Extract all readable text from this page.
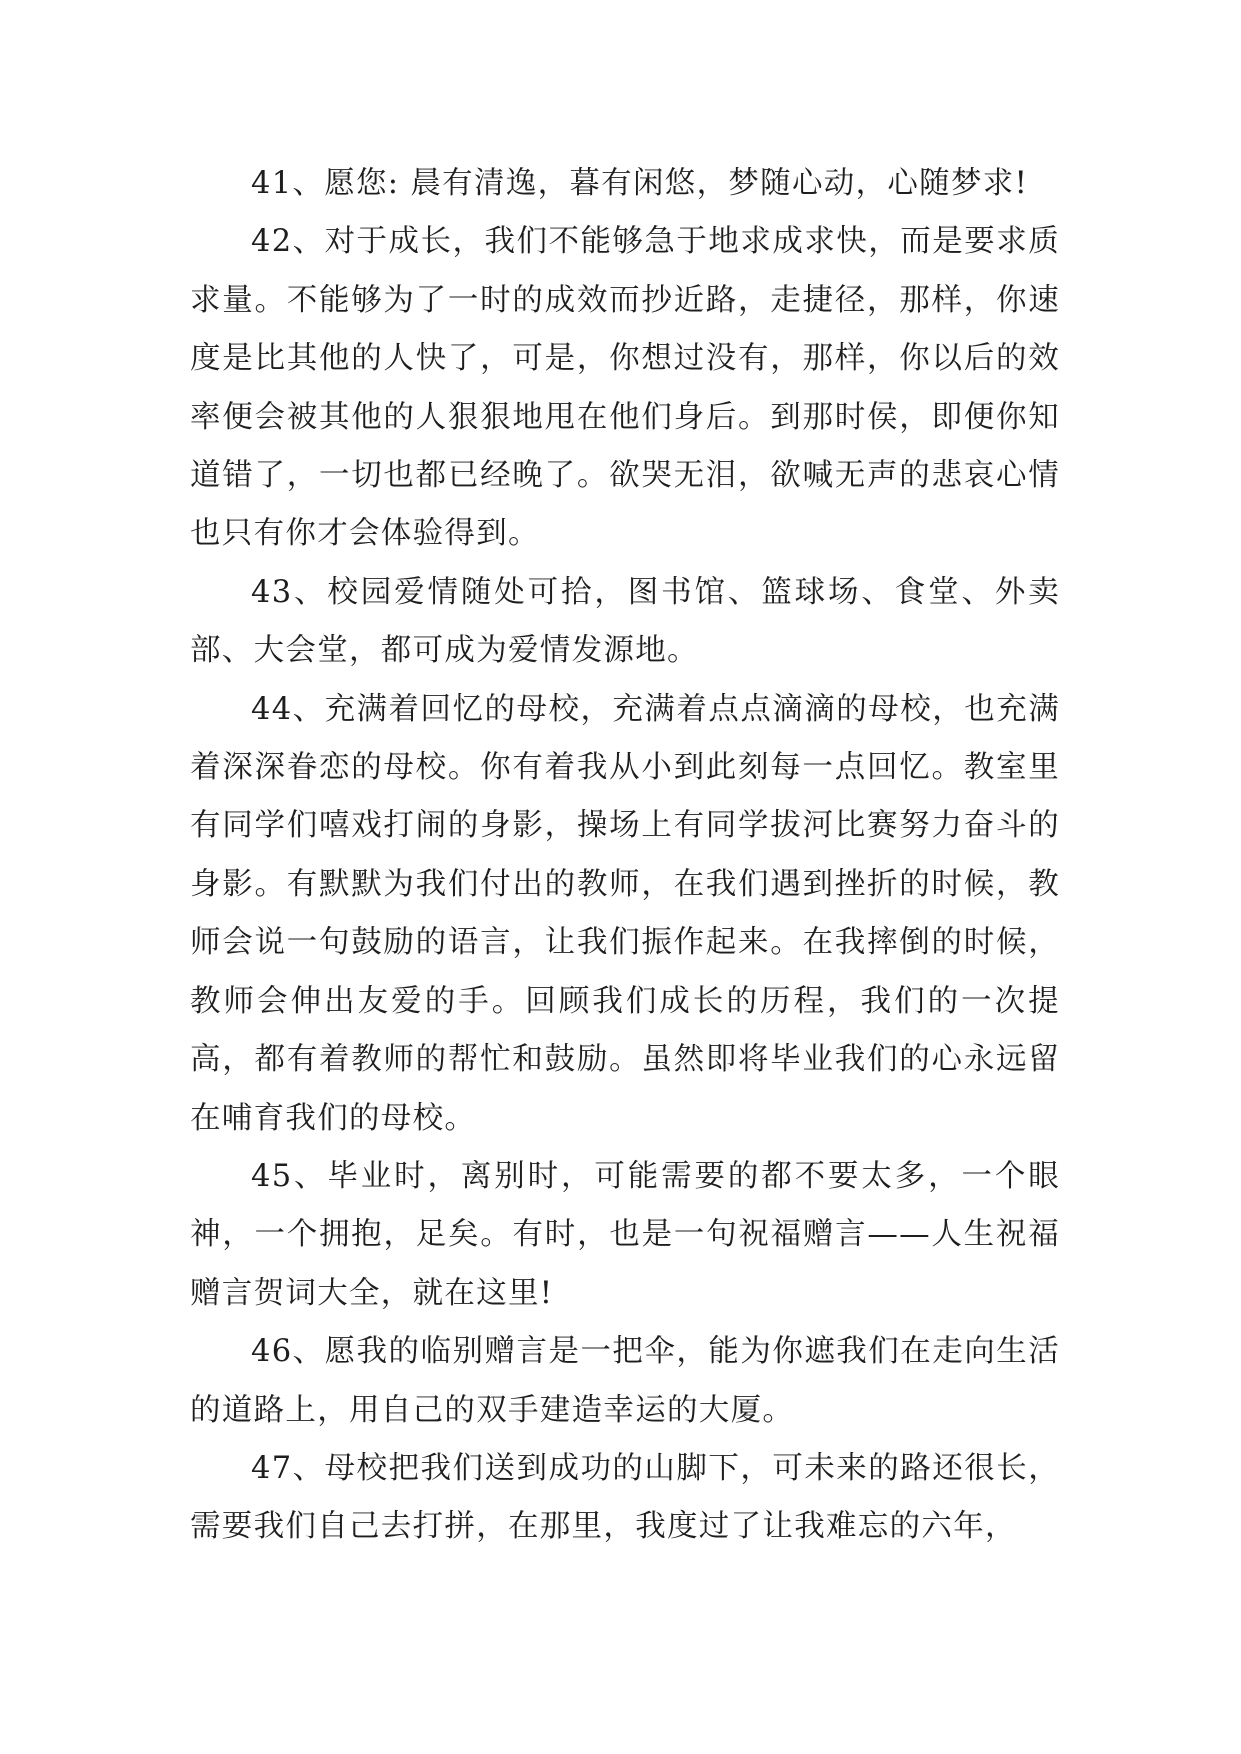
41、愿您: 晨有清逸，暮有闲悠，梦随心动，心随梦求!

42、对于成长，我们不能够急于地求成求快，而是要求质求量。不能够为了一时的成效而抄近路，走捷径，那样，你速度是比其他的人快了，可是，你想过没有，那样，你以后的效率便会被其他的人狠狠地甩在他们身后。到那时侯，即便你知道错了，一切也都已经晚了。欲哭无泪，欲喊无声的悲哀心情也只有你才会体验得到。

43、校园爱情随处可拾，图书馆、篮球场、食堂、外卖部、大会堂，都可成为爱情发源地。

44、充满着回忆的母校，充满着点点滴滴的母校，也充满着深深眷恋的母校。你有着我从小到此刻每一点回忆。教室里有同学们嘻戏打闹的身影，操场上有同学拔河比赛努力奋斗的身影。有默默为我们付出的教师，在我们遇到挫折的时候，教师会说一句鼓励的语言，让我们振作起来。在我摔倒的时候，教师会伸出友爱的手。回顾我们成长的历程，我们的一次提高，都有着教师的帮忙和鼓励。虽然即将毕业我们的心永远留在哺育我们的母校。

45、毕业时，离别时，可能需要的都不要太多，一个眼神，一个拥抱，足矣。有时，也是一句祝福赠言——人生祝福赠言贺词大全，就在这里!

46、愿我的临别赠言是一把伞，能为你遮我们在走向生活的道路上，用自己的双手建造幸运的大厦。

47、母校把我们送到成功的山脚下，可未来的路还很长，需要我们自己去打拼，在那里，我度过了让我难忘的六年，
